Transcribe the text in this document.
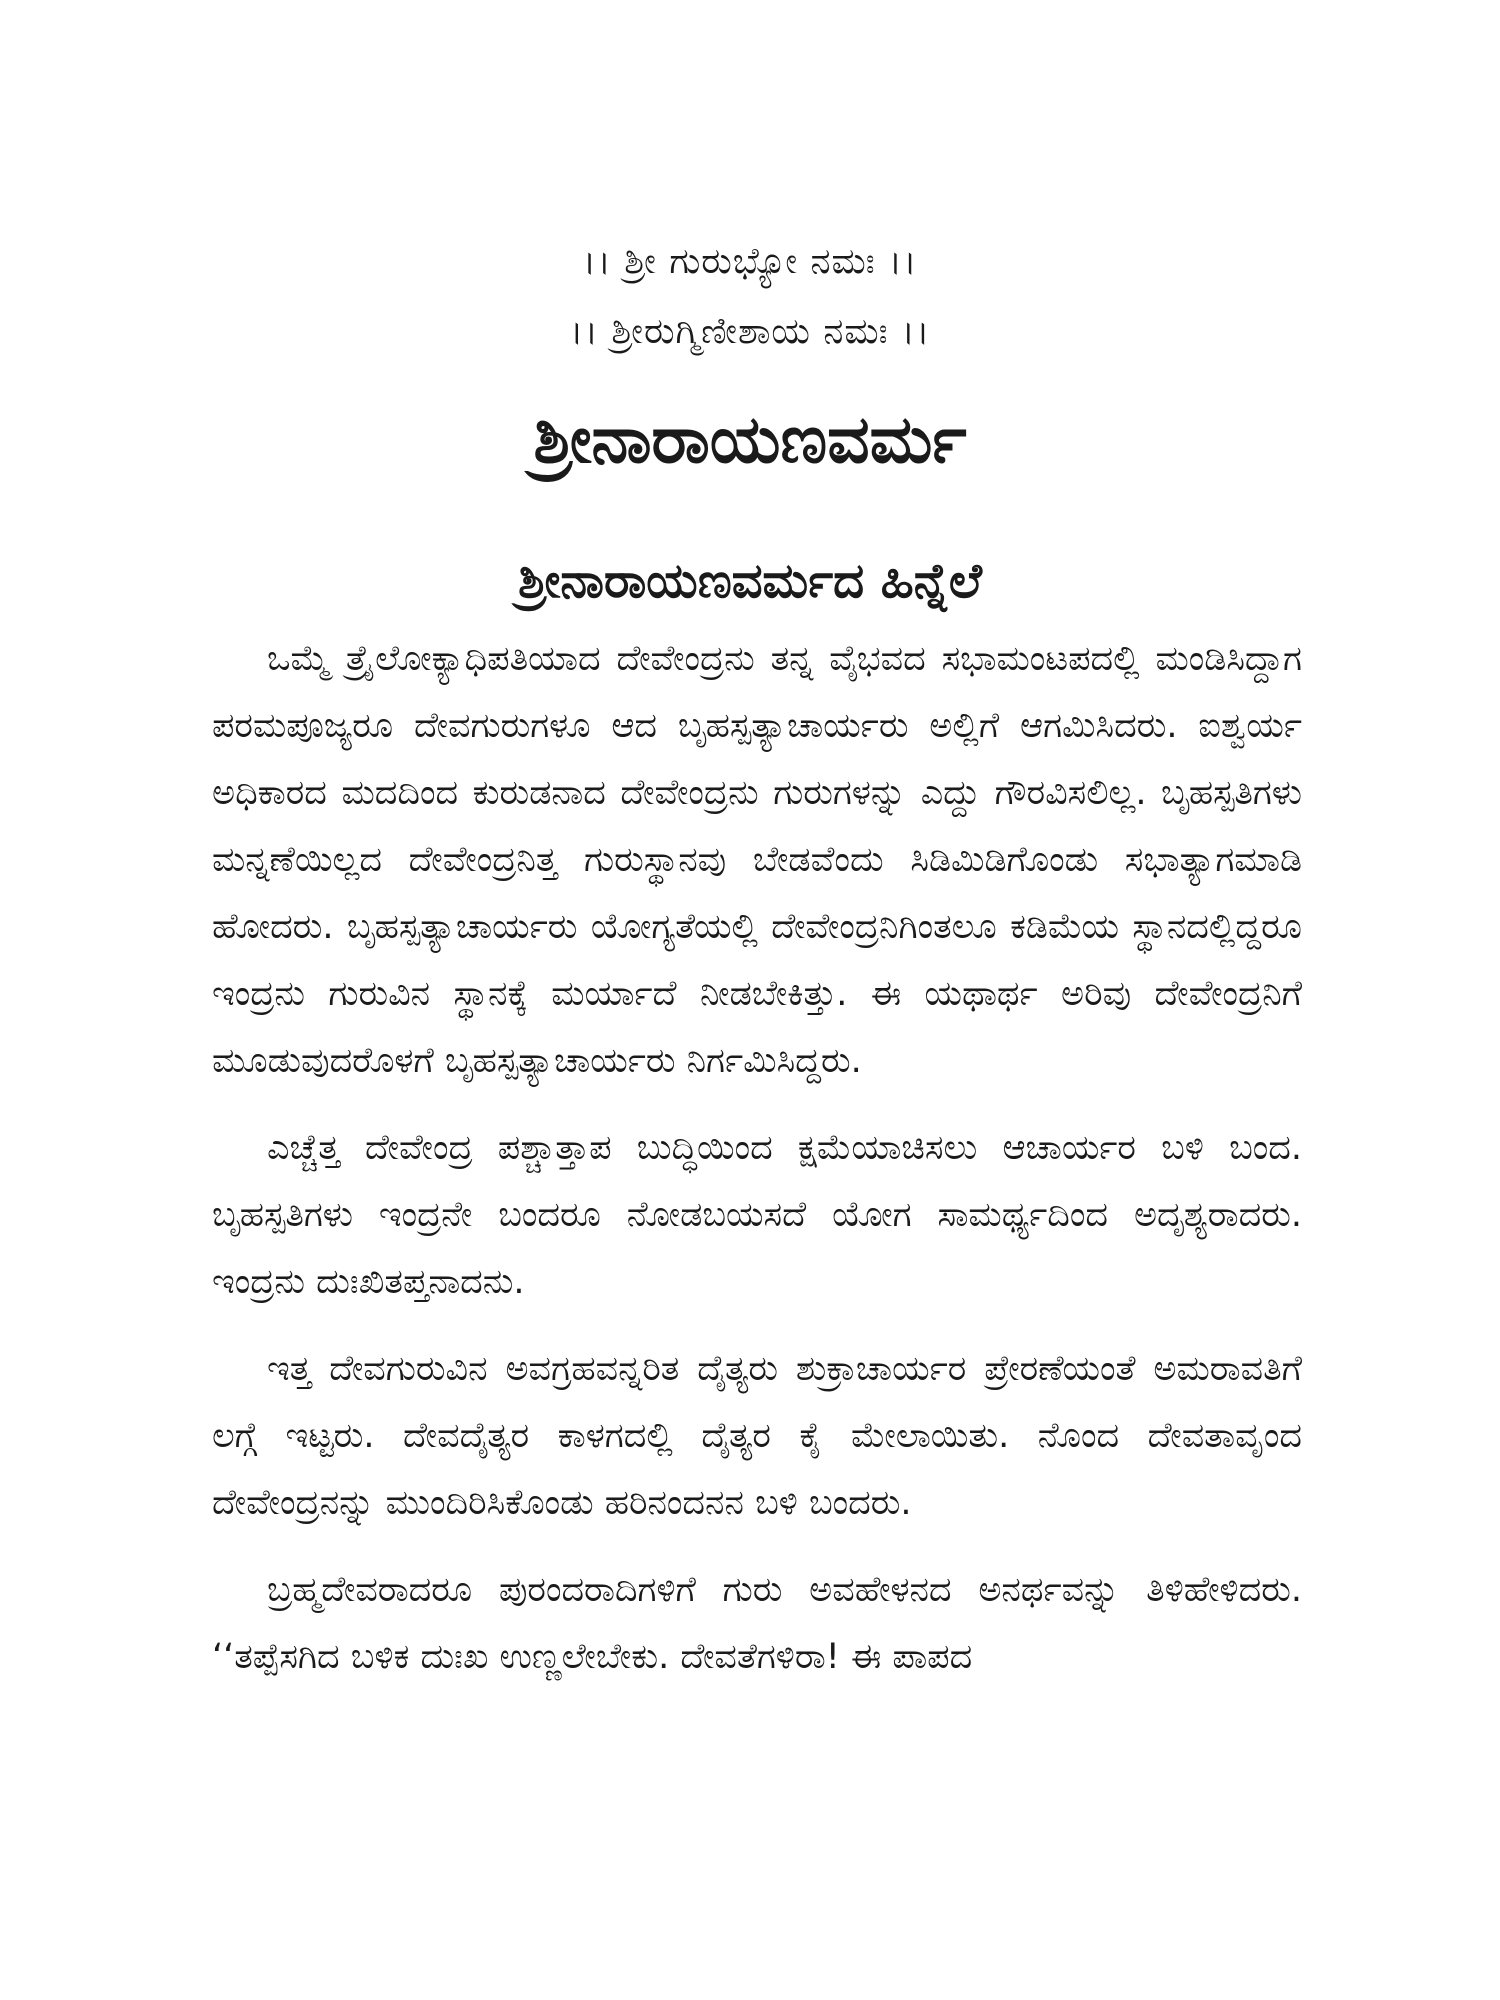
।। ಶ್ರೀ ಗುರುಭ್ಯೋ ನಮಃ ।।
।। ಶ್ರೀರುಗ್ಮಿಣೀಶಾಯ ನಮಃ ।।
ಶ್ರೀನಾರಾಯಣವರ್ಮ
ಶ್ರೀನಾರಾಯಣವರ್ಮದ ಹಿನ್ನೆಲೆ

ಒಮ್ಮೆ ತ್ರೈಲೋಕ್ಯಾಧಿಪತಿಯಾದ ದೇವೇಂದ್ರನು ತನ್ನ ವೈಭವದ ಸಭಾಮಂಟಪದಲ್ಲಿ ಮಂಡಿಸಿದ್ದಾಗ ಪರಮಪೂಜ್ಯರೂ ದೇವಗುರುಗಳೂ ಆದ ಬೃಹಸ್ಪತ್ಯಾಚಾರ್ಯರು ಅಲ್ಲಿಗೆ ಆಗಮಿಸಿದರು. ಐಶ್ವರ್ಯ ಅಧಿಕಾರದ ಮದದಿಂದ ಕುರುಡನಾದ ದೇವೇಂದ್ರನು ಗುರುಗಳನ್ನು ಎದ್ದು ಗೌರವಿಸಲಿಲ್ಲ. ಬೃಹಸ್ಪತಿಗಳು ಮನ್ನಣೆಯಿಲ್ಲದ ದೇವೇಂದ್ರನಿತ್ತ ಗುರುಸ್ಥಾನವು ಬೇಡವೆಂದು ಸಿಡಿಮಿಡಿಗೊಂಡು ಸಭಾತ್ಯಾಗಮಾಡಿ ಹೋದರು. ಬೃಹಸ್ಪತ್ಯಾಚಾರ್ಯರು ಯೋಗ್ಯತೆಯಲ್ಲಿ ದೇವೇಂದ್ರನಿಗಿಂತಲೂ ಕಡಿಮೆಯ ಸ್ಥಾನದಲ್ಲಿದ್ದರೂ ಇಂದ್ರನು ಗುರುವಿನ ಸ್ಥಾನಕ್ಕೆ ಮರ್ಯಾದೆ ನೀಡಬೇಕಿತ್ತು. ಈ ಯಥಾರ್ಥ ಅರಿವು ದೇವೇಂದ್ರನಿಗೆ ಮೂಡುವುದರೊಳಗೆ ಬೃಹಸ್ಪತ್ಯಾಚಾರ್ಯರು ನಿರ್ಗಮಿಸಿದ್ದರು.

ಎಚ್ಚೆತ್ತ ದೇವೇಂದ್ರ ಪಶ್ಚಾತ್ತಾಪ ಬುದ್ಧಿಯಿಂದ ಕ್ಷಮೆಯಾಚಿಸಲು ಆಚಾರ್ಯರ ಬಳಿ ಬಂದ. ಬೃಹಸ್ಪತಿಗಳು ಇಂದ್ರನೇ ಬಂದರೂ ನೋಡಬಯಸದೆ ಯೋಗ ಸಾಮರ್ಥ್ಯದಿಂದ ಅದೃಶ್ಯರಾದರು. ಇಂದ್ರನು ದುಃಖಿತಪ್ತನಾದನು.

ಇತ್ತ ದೇವಗುರುವಿನ ಅವಗ್ರಹವನ್ನರಿತ ದೈತ್ಯರು ಶುಕ್ರಾಚಾರ್ಯರ ಪ್ರೇರಣೆಯಂತೆ ಅಮರಾವತಿಗೆ ಲಗ್ಗೆ ಇಟ್ಟರು. ದೇವದೈತ್ಯರ ಕಾಳಗದಲ್ಲಿ ದೈತ್ಯರ ಕೈ ಮೇಲಾಯಿತು. ನೊಂದ ದೇವತಾವೃಂದ ದೇವೇಂದ್ರನನ್ನು ಮುಂದಿರಿಸಿಕೊಂಡು ಹರಿನಂದನನ ಬಳಿ ಬಂದರು.

ಬ್ರಹ್ಮದೇವರಾದರೂ ಪುರಂದರಾದಿಗಳಿಗೆ ಗುರು ಅವಹೇಳನದ ಅನರ್ಥವನ್ನು ತಿಳಿಹೇಳಿದರು. ‘‘ತಪ್ಪೆಸಗಿದ ಬಳಿಕ ದುಃಖ ಉಣ್ಣಲೇಬೇಕು. ದೇವತೆಗಳಿರಾ! ಈ ಪಾಪದ
